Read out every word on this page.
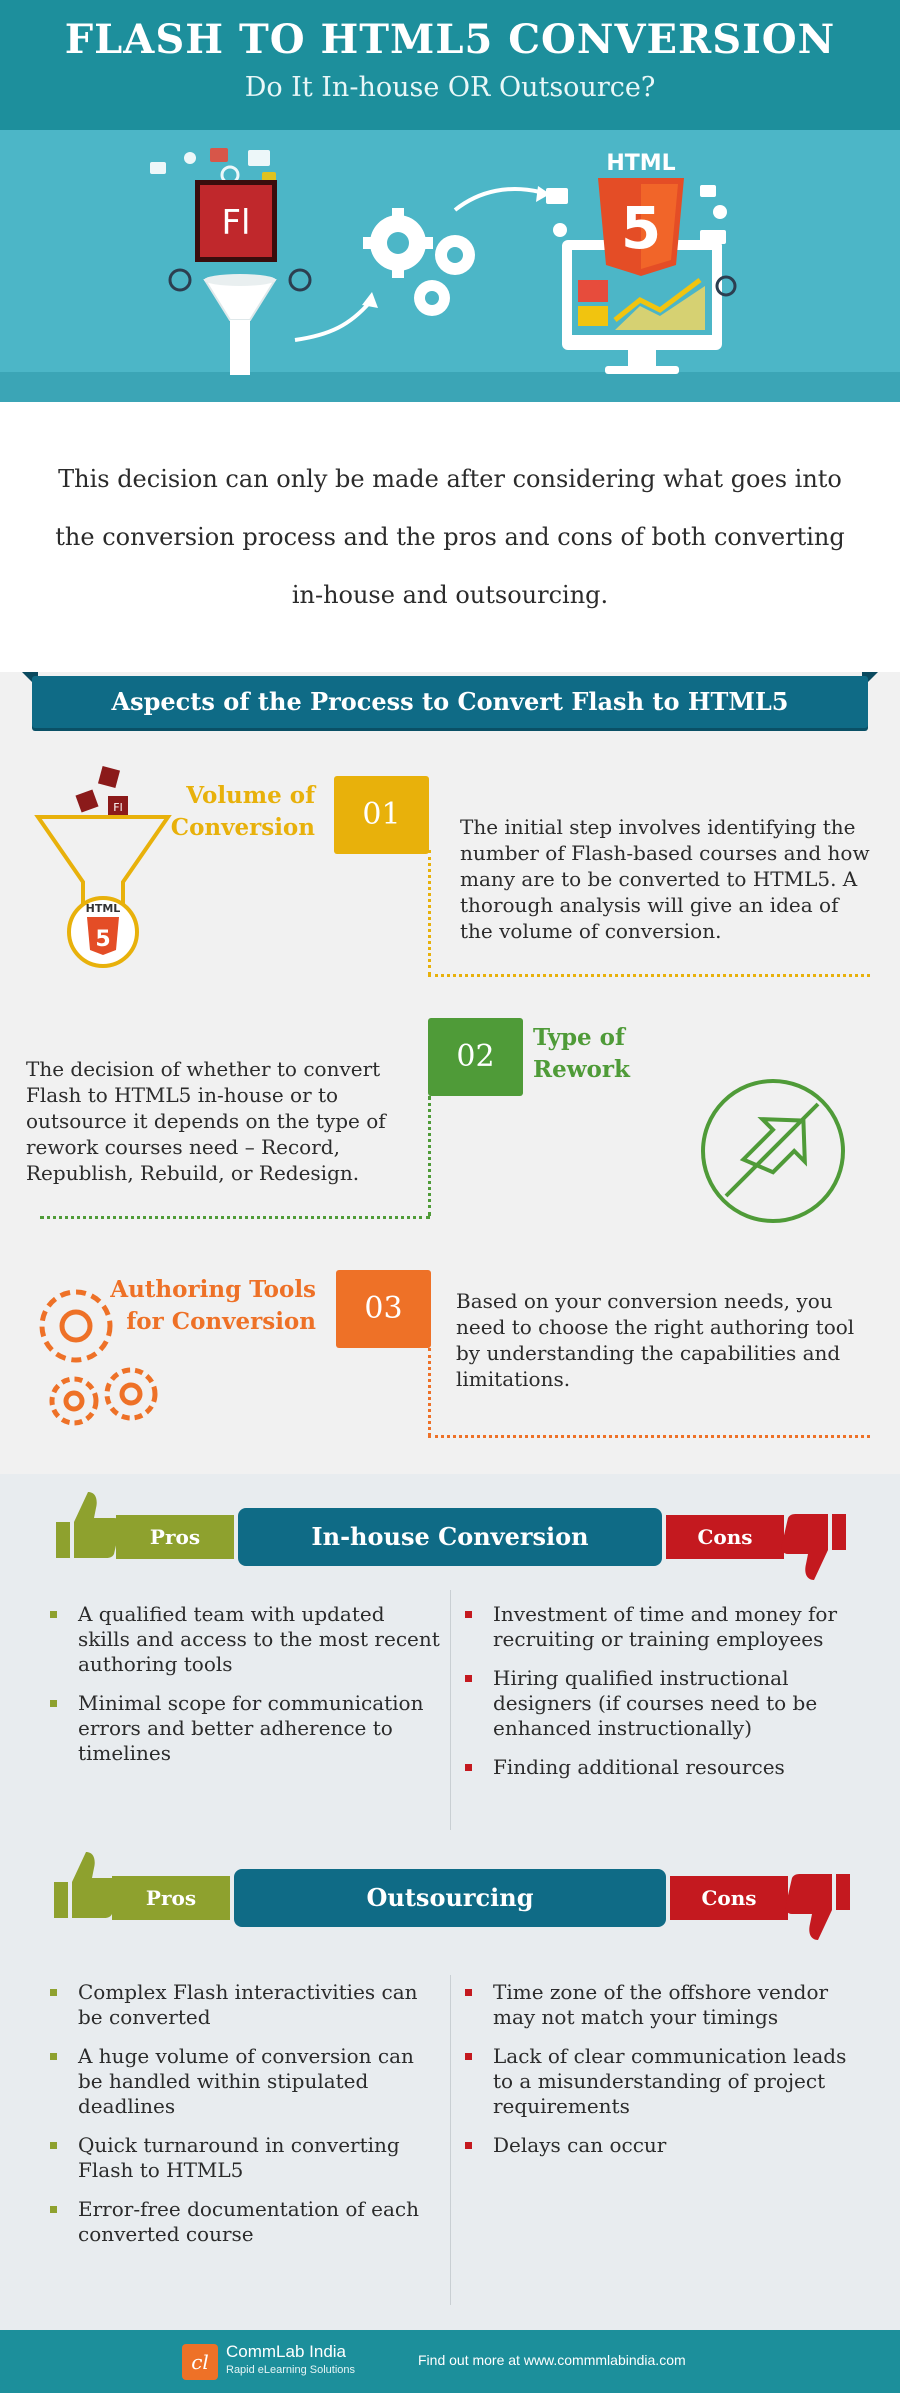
FLASH TO HTML5 CONVERSION
Do It In-house OR Outsource?
Fl
HTML
5

This decision can only be made after considering what goes into the conversion process and the pros and cons of both converting in-house and outsourcing.

Aspects of the Process to Convert Flash to HTML5
Fl
HTML
5
Volume of
Conversion	01	The initial step involves identifying the number of Flash-based courses and how many are to be converted to HTML5. A thorough analysis will give an idea of the volume of conversion.
02
Type of
Rework
The decision of whether to convert Flash to HTML5 in-house or to outsource it depends on the type of rework courses need – Record, Republish, Rebuild, or Redesign.
Authoring Tools
for Conversion	03	Based on your conversion needs, you need to choose the right authoring tool by understanding the capabilities and limitations.
Pros	In-house Conversion	Cons
A qualified team with updated skills and access to the most recent authoring tools
Minimal scope for communication errors and better adherence to timelines
Investment of time and money for recruiting or training employees
Hiring qualified instructional designers (if courses need to be enhanced instructionally)
Finding additional resources
Pros	Outsourcing	Cons
Complex Flash interactivities can be converted
A huge volume of conversion can be handled within stipulated deadlines
Quick turnaround in converting Flash to HTML5
Error-free documentation of each converted course
Time zone of the offshore vendor may not match your timings
Lack of clear communication leads to a misunderstanding of project requirements
Delays can occur
cl	CommLab India
Rapid eLearning Solutions
Find out more at www.commmlabindia.com
